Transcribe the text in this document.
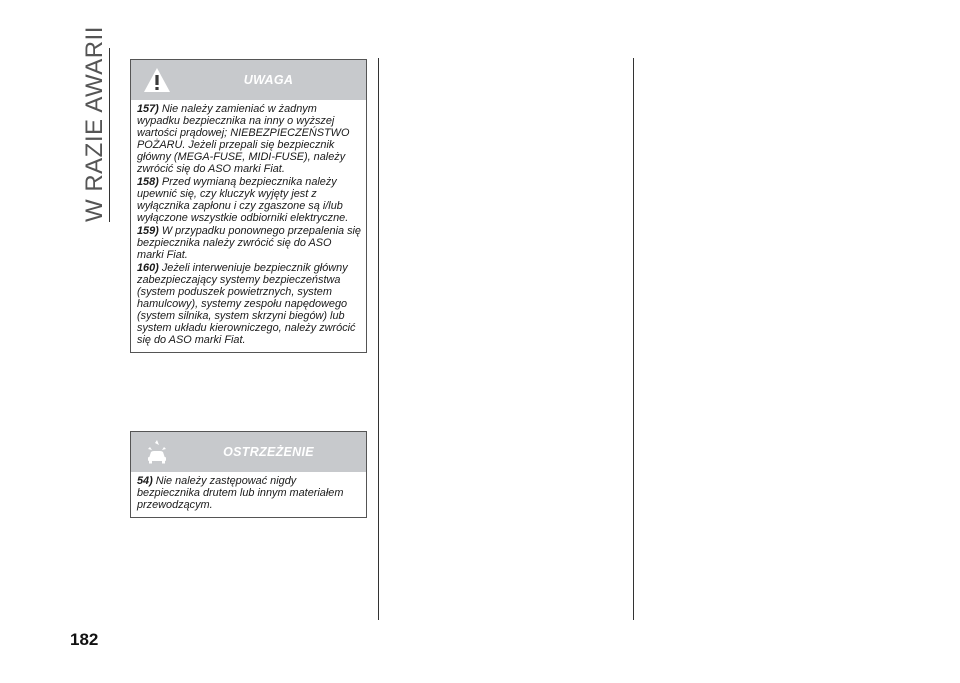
W RAZIE AWARII
182
UWAGA

157) Nie należy zamieniać w żadnym wypadku bezpiecznika na inny o wyższej wartości prądowej; NIEBEZPIECZEŃSTWO POŻARU. Jeżeli przepali się bezpiecznik główny (MEGA-FUSE, MIDI-FUSE), należy zwrócić się do ASO marki Fiat.

158) Przed wymianą bezpiecznika należy upewnić się, czy kluczyk wyjęty jest z wyłącznika zapłonu i czy zgaszone są i/lub wyłączone wszystkie odbiorniki elektryczne.

159) W przypadku ponownego przepalenia się bezpiecznika należy zwrócić się do ASO marki Fiat.

160) Jeżeli interweniuje bezpiecznik główny zabezpieczający systemy bezpieczeństwa (system poduszek powietrznych, system hamulcowy), systemy zespołu napędowego (system silnika, system skrzyni biegów) lub system układu kierowniczego, należy zwrócić się do ASO marki Fiat.

OSTRZEŻENIE

54) Nie należy zastępować nigdy bezpiecznika drutem lub innym materiałem przewodzącym.
